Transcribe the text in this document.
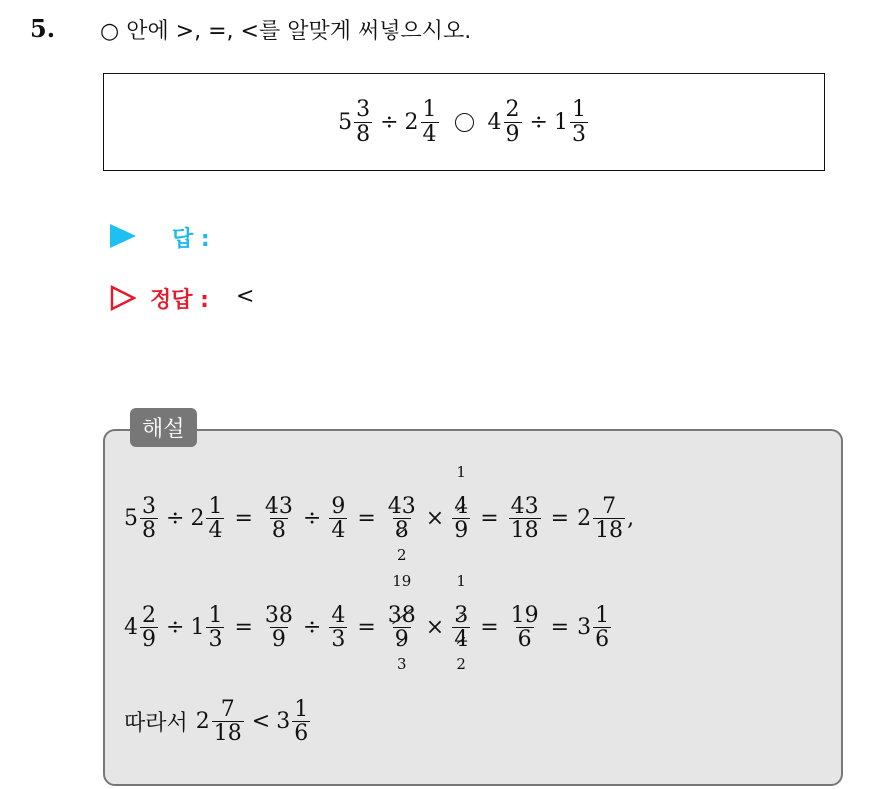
5. ○ 안에 >, =, <를 알맞게 써넣으시오.
$5 \frac{3}{8} \div 2 \frac{1}{4} 4 \frac{2}{9} \div 1 \frac{1}{3}$
답 :
정답 : <
해설
$5 \frac{3}{8} \div 2 \frac{1}{4} = \frac{43}{8} \div \frac{9}{4} = 43$
8
2 × 1
4
$9 = \frac{43}{18} = 2 \frac{7}{18}$ ,
$4 \frac{2}{9} \div 1 \frac{1}{3} = \frac{38}{9} \div \frac{4}{3} = 19$
38
9
3 × 1
3
4
$2 = \frac{19}{6} = 3 \frac{1}{6}$
따라서 $2 \frac{7}{18} < 3 \frac{1}{6}$
